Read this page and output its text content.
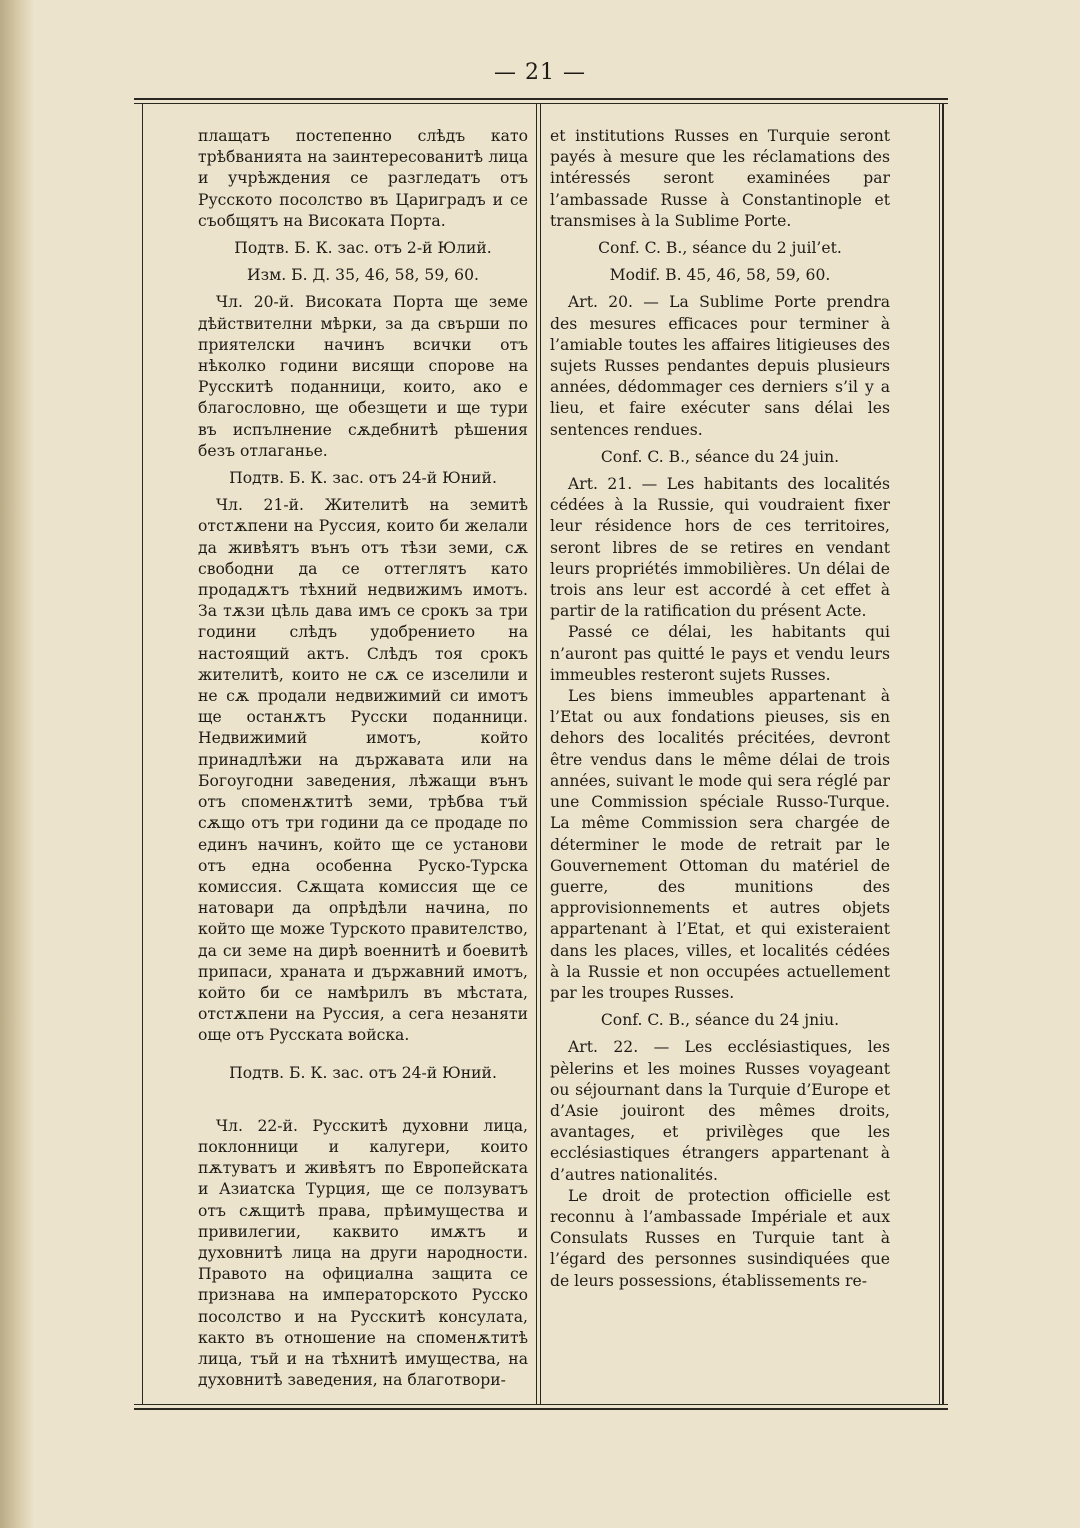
— 21 —

плащатъ постепенно слѣдъ като трѣбванията на заинтересованитѣ лица и учрѣждения се разгледатъ отъ Русското посолство въ Цариградъ и се съобщятъ на Високата Порта.

Подтв. Б. К. зас. отъ 2-й Юлий.

Изм. Б. Д. 35, 46, 58, 59, 60.

Чл. 20-й. Високата Порта ще земе дѣйствителни мѣрки, за да свърши по приятелски начинъ всички отъ нѣколко години висящи спорове на Русскитѣ поданници, които, ако е благословно, ще обезщети и ще тури въ испълнение сѫдебнитѣ рѣшения безъ отлаганье.

Подтв. Б. К. зас. отъ 24-й Юний.

Чл. 21-й. Жителитѣ на земитѣ отстѫпени на Руссия, които би желали да живѣятъ вънъ отъ тѣзи земи, сѫ свободни да се оттеглятъ като продадѫтъ тѣхний недвижимъ имотъ. За тѫзи цѣль дава имъ се срокъ за три години слѣдъ удобрението на настоящий актъ. Слѣдъ тоя срокъ жителитѣ, които не сѫ се изселили и не сѫ продали недвижимий си имотъ ще останѫтъ Русски поданници. Недвижимий имотъ, който принадлѣжи на държавата или на Богоугодни заведения, лѣжащи вънъ отъ споменѫтитѣ земи, трѣбва тъй сѫщо отъ три години да се продаде по единъ начинъ, който ще се установи отъ една особенна Руско-Турска комиссия. Сѫщата комиссия ще се натовари да опрѣдѣли начина, по който ще може Турското правителство, да си земе на дирѣ военнитѣ и боевитѣ припаси, хранатa и държавний имотъ, който би се намѣрилъ въ мѣстата, отстѫпени на Руссия, а сега незаняти още отъ Русската войска.

Подтв. Б. К. зас. отъ 24-й Юний.

Чл. 22-й. Русскитѣ духовни лица, поклонници и калугери, които пѫтуватъ и живѣятъ по Европейската и Азиатска Турция, ще се ползуватъ отъ сѫщитѣ права, прѣимущества и привилегии, каквито имѫтъ и духовнитѣ лица на други народности. Правото на официална защита се признава на императорското Русско посолство и на Русскитѣ консулата, както въ отношение на споменѫтитѣ лица, тъй и на тѣхнитѣ имущества, на духовнитѣ заведения, на благотвори-

et institutions Russes en Turquie seront payés à mesure que les réclamations des intéressés seront examinées par l’ambassade Russe à Constantinople et transmises à la Sublime Porte.

Conf. C. B., séance du 2 juil’et.

Modif. B. 45, 46, 58, 59, 60.

Art. 20. — La Sublime Porte prendra des mesures efficaces pour terminer à l’amiable toutes les affaires litigieuses des sujets Russes pendantes depuis plusieurs années, dédommager ces derniers s’il y a lieu, et faire exécuter sans délai les sentences rendues.

Conf. C. B., séance du 24 juin.

Art. 21. — Les habitants des localités cédées à la Russie, qui voudraient fixer leur résidence hors de ces territoires, seront libres de se retires en vendant leurs propriétés immobilières. Un délai de trois ans leur est accordé à cet effet à partir de la ratification du présent Acte.

Passé ce délai, les habitants qui n’auront pas quitté le pays et vendu leurs immeubles resteront sujets Russes.

Les biens immeubles appartenant à l’Etat ou aux fondations pieuses, sis en dehors des localités précitées, devront être vendus dans le même délai de trois années, suivant le mode qui sera réglé par une Commission spéciale Russo-Turque. La même Commission sera chargée de déterminer le mode de retrait par le Gouvernement Ottoman du matériel de guerre, des munitions des approvisionnements et autres objets appartenant à l’Etat, et qui existeraient dans les places, villes, et localités cédées à la Russie et non occupées actuellement par les troupes Russes.

Conf. C. B., séance du 24 jniu.

Art. 22. — Les ecclésiastiques, les pèlerins et les moines Russes voyageant ou séjournant dans la Turquie d’Europe et d’Asie jouiront des mêmes droits, avantages, et privilèges que les ecclésiastiques étrangers appartenant à d’autres nationalités.

Le droit de protection officielle est reconnu à l’ambassade Impériale et aux Consulats Russes en Turquie tant à l’égard des personnes susindiquées que de leurs possessions, établissements re-
